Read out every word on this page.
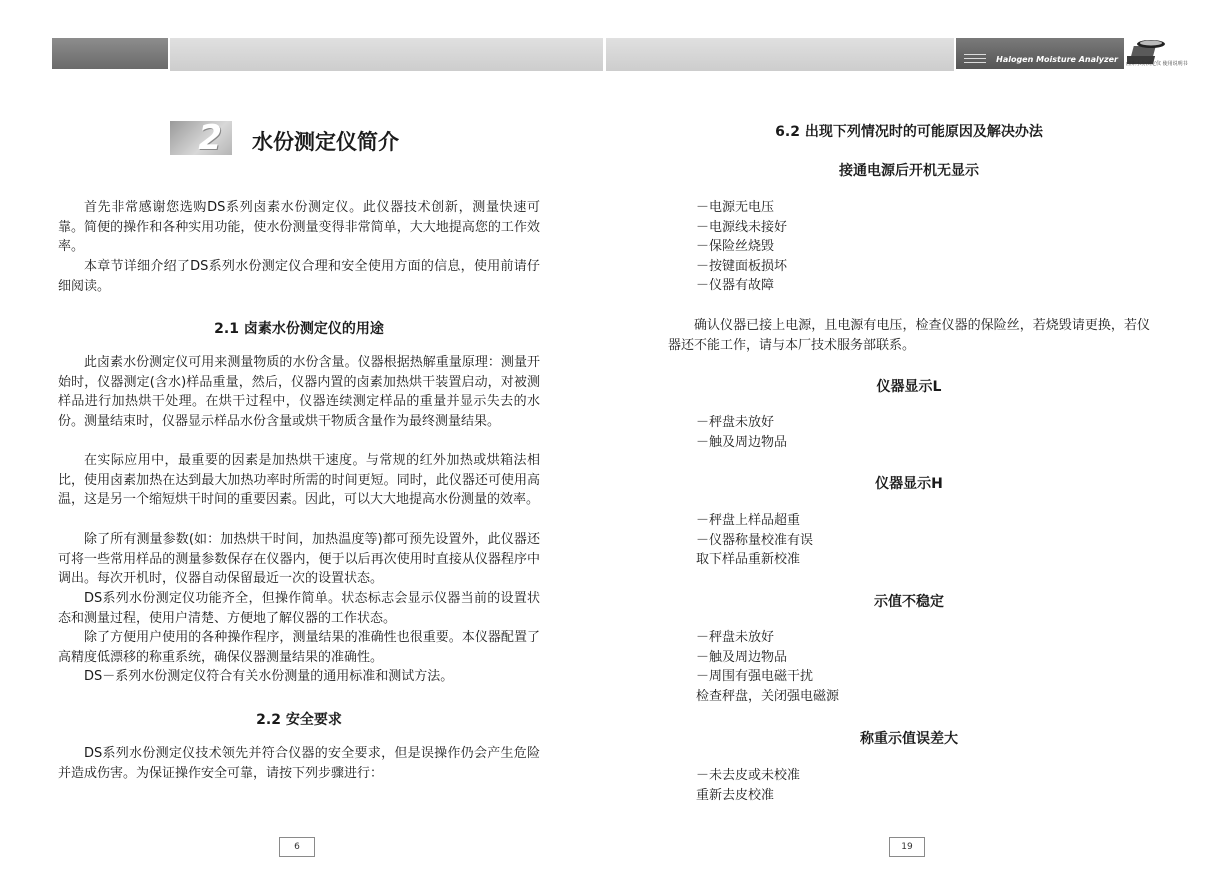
Halogen Moisture Analyzer 卤素水份测定仪 使用说明书
2 水份测定仪简介

首先非常感谢您选购DS系列卤素水份测定仪。此仪器技术创新，测量快速可靠。简便的操作和各种实用功能，使水份测量变得非常简单，大大地提高您的工作效率。

本章节详细介绍了DS系列水份测定仪合理和安全使用方面的信息，使用前请仔细阅读。

2.1 卤素水份测定仪的用途

此卤素水份测定仪可用来测量物质的水份含量。仪器根据热解重量原理：测量开始时，仪器测定(含水)样品重量，然后，仪器内置的卤素加热烘干装置启动，对被测样品进行加热烘干处理。在烘干过程中，仪器连续测定样品的重量并显示失去的水份。测量结束时，仪器显示样品水份含量或烘干物质含量作为最终测量结果。

在实际应用中，最重要的因素是加热烘干速度。与常规的红外加热或烘箱法相比，使用卤素加热在达到最大加热功率时所需的时间更短。同时，此仪器还可使用高温，这是另一个缩短烘干时间的重要因素。因此，可以大大地提高水份测量的效率。

除了所有测量参数(如：加热烘干时间，加热温度等)都可预先设置外，此仪器还可将一些常用样品的测量参数保存在仪器内，便于以后再次使用时直接从仪器程序中调出。每次开机时，仪器自动保留最近一次的设置状态。

DS系列水份测定仪功能齐全，但操作简单。状态标志会显示仪器当前的设置状态和测量过程，使用户清楚、方便地了解仪器的工作状态。

除了方便用户使用的各种操作程序，测量结果的准确性也很重要。本仪器配置了高精度低漂移的称重系统，确保仪器测量结果的准确性。

DS－系列水份测定仪符合有关水份测量的通用标准和测试方法。

2.2 安全要求

DS系列水份测定仪技术领先并符合仪器的安全要求，但是误操作仍会产生危险并造成伤害。为保证操作安全可靠，请按下列步骤进行：

6

6.2 出现下列情况时的可能原因及解决办法

接通电源后开机无显示

－电源无电压
－电源线未接好
－保险丝烧毁
－按键面板损坏
－仪器有故障

确认仪器已接上电源，且电源有电压，检查仪器的保险丝，若烧毁请更换，若仪器还不能工作，请与本厂技术服务部联系。

仪器显示L

－秤盘未放好
－触及周边物品

仪器显示H

－秤盘上样品超重
－仪器称量校准有误
取下样品重新校准

示值不稳定

－秤盘未放好
－触及周边物品
－周围有强电磁干扰
检查秤盘，关闭强电磁源

称重示值误差大

－未去皮或未校准
重新去皮校准
19
